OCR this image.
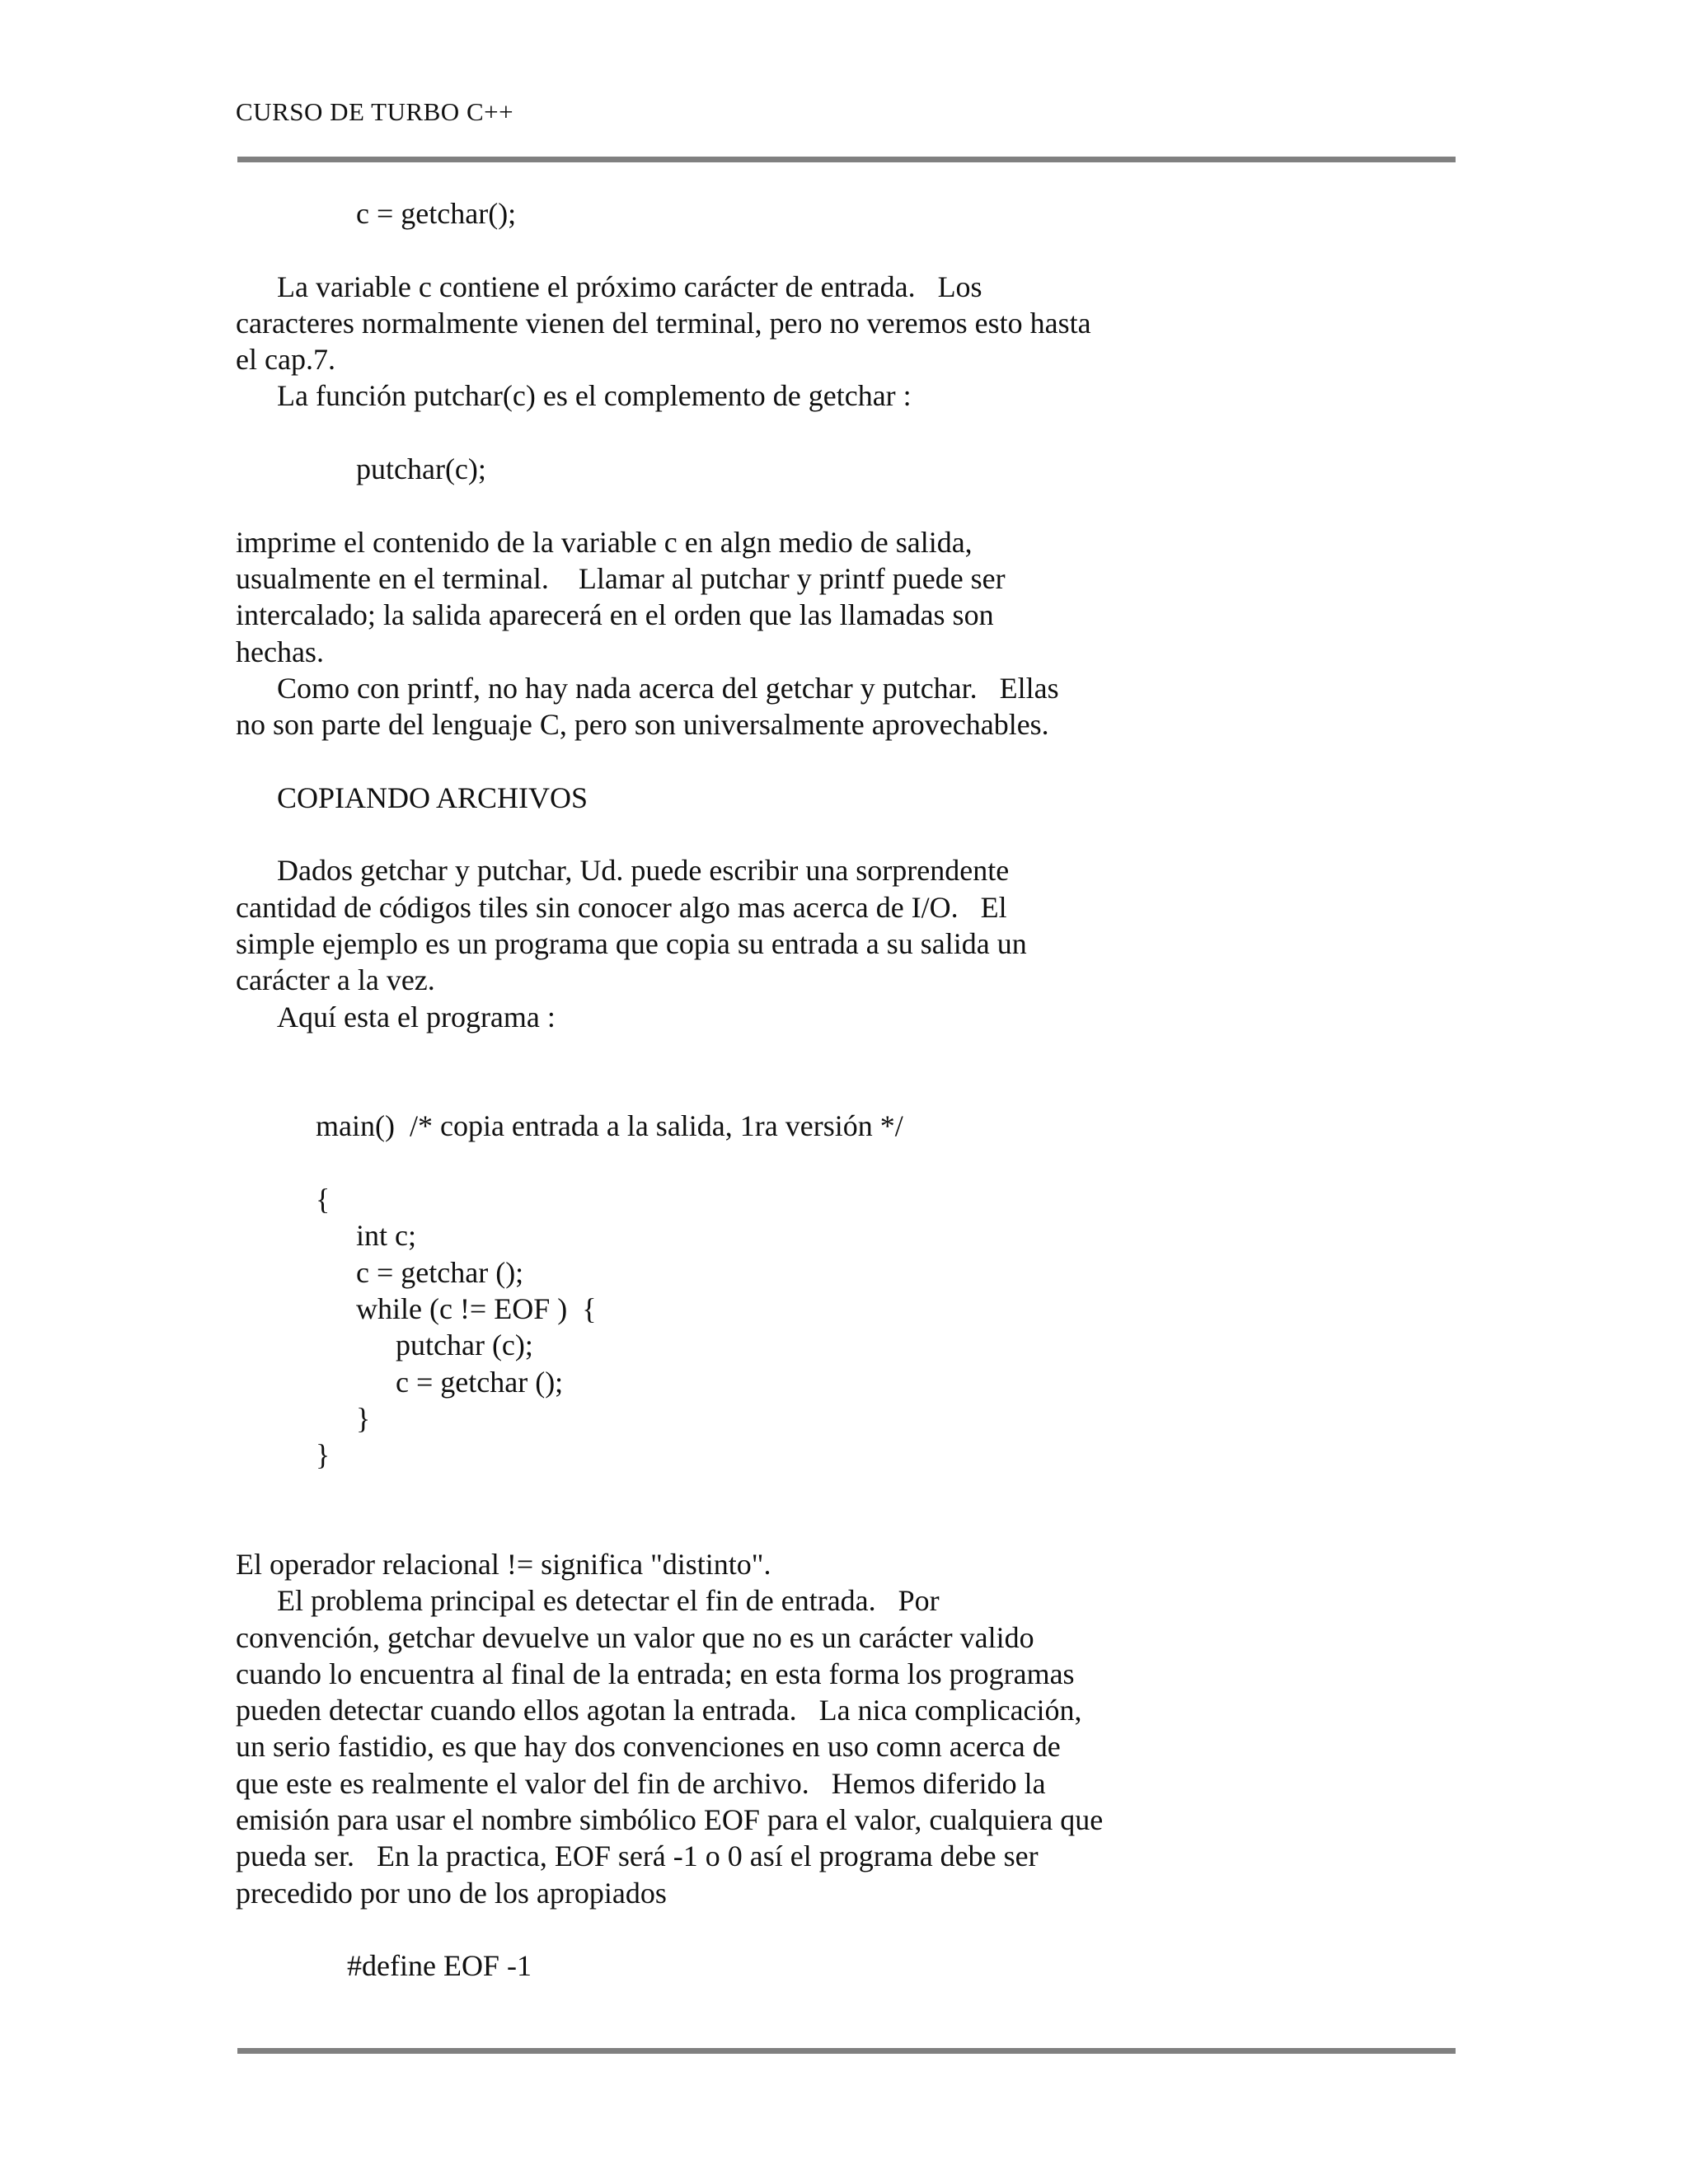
CURSO DE TURBO C++

c = getchar();

La variable c contiene el próximo carácter de entrada.   Los

caracteres normalmente vienen del terminal, pero no veremos esto hasta

el cap.7.

La función putchar(c) es el complemento de getchar :

putchar(c);

imprime el contenido de la variable c en algn medio de salida,

usualmente en el terminal.    Llamar al putchar y printf puede ser

intercalado; la salida aparecerá en el orden que las llamadas son

hechas.

Como con printf, no hay nada acerca del getchar y putchar.   Ellas

no son parte del lenguaje C, pero son universalmente aprovechables.

COPIANDO ARCHIVOS

Dados getchar y putchar, Ud. puede escribir una sorprendente

cantidad de códigos tiles sin conocer algo mas acerca de I/O.   El

simple ejemplo es un programa que copia su entrada a su salida un

carácter a la vez.

Aquí esta el programa :

main()  /* copia entrada a la salida, 1ra versión */

{

int c;

c = getchar ();

while (c != EOF )  {

putchar (c);

c = getchar ();

}

}

El operador relacional != significa "distinto".

El problema principal es detectar el fin de entrada.   Por

convención, getchar devuelve un valor que no es un carácter valido

cuando lo encuentra al final de la entrada; en esta forma los programas

pueden detectar cuando ellos agotan la entrada.   La nica complicación,

un serio fastidio, es que hay dos convenciones en uso comn acerca de

que este es realmente el valor del fin de archivo.   Hemos diferido la

emisión para usar el nombre simbólico EOF para el valor, cualquiera que

pueda ser.   En la practica, EOF será -1 o 0 así el programa debe ser

precedido por uno de los apropiados

#define EOF -1
